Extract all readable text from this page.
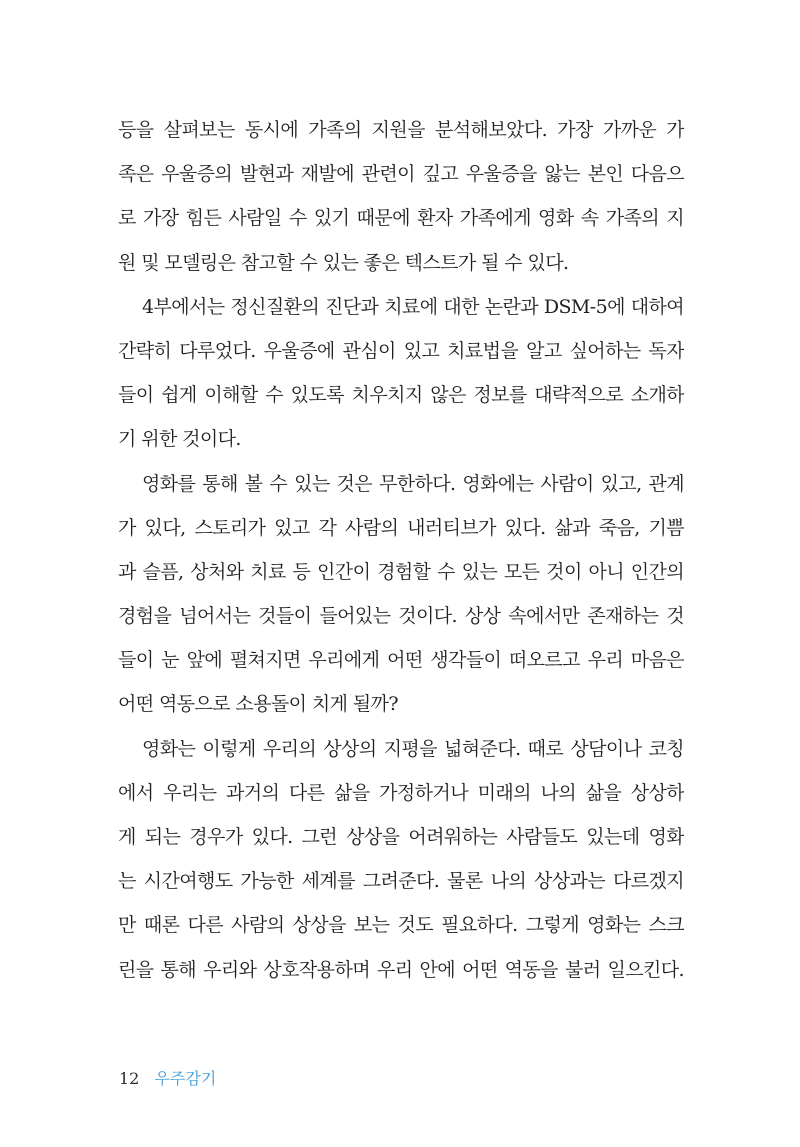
등을 살펴보는 동시에 가족의 지원을 분석해보았다. 가장 가까운 가
족은 우울증의 발현과 재발에 관련이 깊고 우울증을 앓는 본인 다음으
로 가장 힘든 사람일 수 있기 때문에 환자 가족에게 영화 속 가족의 지
원 및 모델링은 참고할 수 있는 좋은 텍스트가 될 수 있다.
4부에서는 정신질환의 진단과 치료에 대한 논란과 DSM-5에 대하여
간략히 다루었다. 우울증에 관심이 있고 치료법을 알고 싶어하는 독자
들이 쉽게 이해할 수 있도록 치우치지 않은 정보를 대략적으로 소개하
기 위한 것이다.
영화를 통해 볼 수 있는 것은 무한하다. 영화에는 사람이 있고, 관계
가 있다, 스토리가 있고 각 사람의 내러티브가 있다. 삶과 죽음, 기쁨
과 슬픔, 상처와 치료 등 인간이 경험할 수 있는 모든 것이 아니 인간의
경험을 넘어서는 것들이 들어있는 것이다. 상상 속에서만 존재하는 것
들이 눈 앞에 펼쳐지면 우리에게 어떤 생각들이 떠오르고 우리 마음은
어떤 역동으로 소용돌이 치게 될까?
영화는 이렇게 우리의 상상의 지평을 넓혀준다. 때로 상담이나 코칭
에서 우리는 과거의 다른 삶을 가정하거나 미래의 나의 삶을 상상하
게 되는 경우가 있다. 그런 상상을 어려워하는 사람들도 있는데 영화
는 시간여행도 가능한 세계를 그려준다. 물론 나의 상상과는 다르겠지
만 때론 다른 사람의 상상을 보는 것도 필요하다. 그렇게 영화는 스크
린을 통해 우리와 상호작용하며 우리 안에 어떤 역동을 불러 일으킨다.
12 우주감기
